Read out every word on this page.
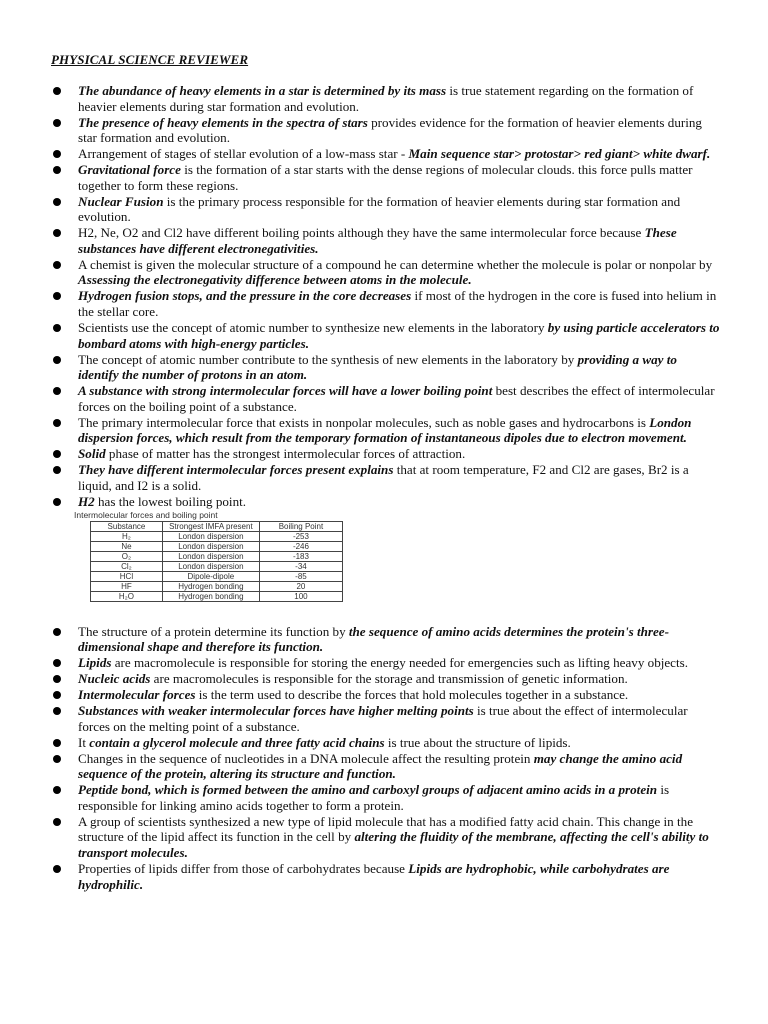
PHYSICAL SCIENCE REVIEWER
The abundance of heavy elements in a star is determined by its mass is true statement regarding on the formation of heavier elements during star formation and evolution.
The presence of heavy elements in the spectra of stars provides evidence for the formation of heavier elements during star formation and evolution.
Arrangement of stages of stellar evolution of a low-mass star - Main sequence star> protostar> red giant> white dwarf.
Gravitational force is the formation of a star starts with the dense regions of molecular clouds. this force pulls matter together to form these regions.
Nuclear Fusion is the primary process responsible for the formation of heavier elements during star formation and evolution.
H2, Ne, O2 and Cl2 have different boiling points although they have the same intermolecular force because These substances have different electronegativities.
A chemist is given the molecular structure of a compound he can determine whether the molecule is polar or nonpolar by Assessing the electronegativity difference between atoms in the molecule.
Hydrogen fusion stops, and the pressure in the core decreases if most of the hydrogen in the core is fused into helium in the stellar core.
Scientists use the concept of atomic number to synthesize new elements in the laboratory by using particle accelerators to bombard atoms with high-energy particles.
The concept of atomic number contribute to the synthesis of new elements in the laboratory by providing a way to identify the number of protons in an atom.
A substance with strong intermolecular forces will have a lower boiling point best describes the effect of intermolecular forces on the boiling point of a substance.
The primary intermolecular force that exists in nonpolar molecules, such as noble gases and hydrocarbons is London dispersion forces, which result from the temporary formation of instantaneous dipoles due to electron movement.
Solid phase of matter has the strongest intermolecular forces of attraction.
They have different intermolecular forces present explains that at room temperature, F2 and Cl2 are gases, Br2 is a liquid, and I2 is a solid.
H2 has the lowest boiling point.
Intermolecular forces and boiling point
Substance	Strongest IMFA present	Boiling Point
H₂	London dispersion	-253
Ne	London dispersion	-246
O₂	London dispersion	-183
Cl₂	London dispersion	-34
HCl	Dipole-dipole	-85
HF	Hydrogen bonding	20
H₂O	Hydrogen bonding	100
The structure of a protein determine its function by the sequence of amino acids determines the protein's three-dimensional shape and therefore its function.
Lipids are macromolecule is responsible for storing the energy needed for emergencies such as lifting heavy objects.
Nucleic acids are macromolecules is responsible for the storage and transmission of genetic information.
Intermolecular forces is the term used to describe the forces that hold molecules together in a substance.
Substances with weaker intermolecular forces have higher melting points is true about the effect of intermolecular forces on the melting point of a substance.
It contain a glycerol molecule and three fatty acid chains is true about the structure of lipids.
Changes in the sequence of nucleotides in a DNA molecule affect the resulting protein may change the amino acid sequence of the protein, altering its structure and function.
Peptide bond, which is formed between the amino and carboxyl groups of adjacent amino acids in a protein is responsible for linking amino acids together to form a protein.
A group of scientists synthesized a new type of lipid molecule that has a modified fatty acid chain. This change in the structure of the lipid affect its function in the cell by altering the fluidity of the membrane, affecting the cell's ability to transport molecules.
Properties of lipids differ from those of carbohydrates because Lipids are hydrophobic, while carbohydrates are hydrophilic.
